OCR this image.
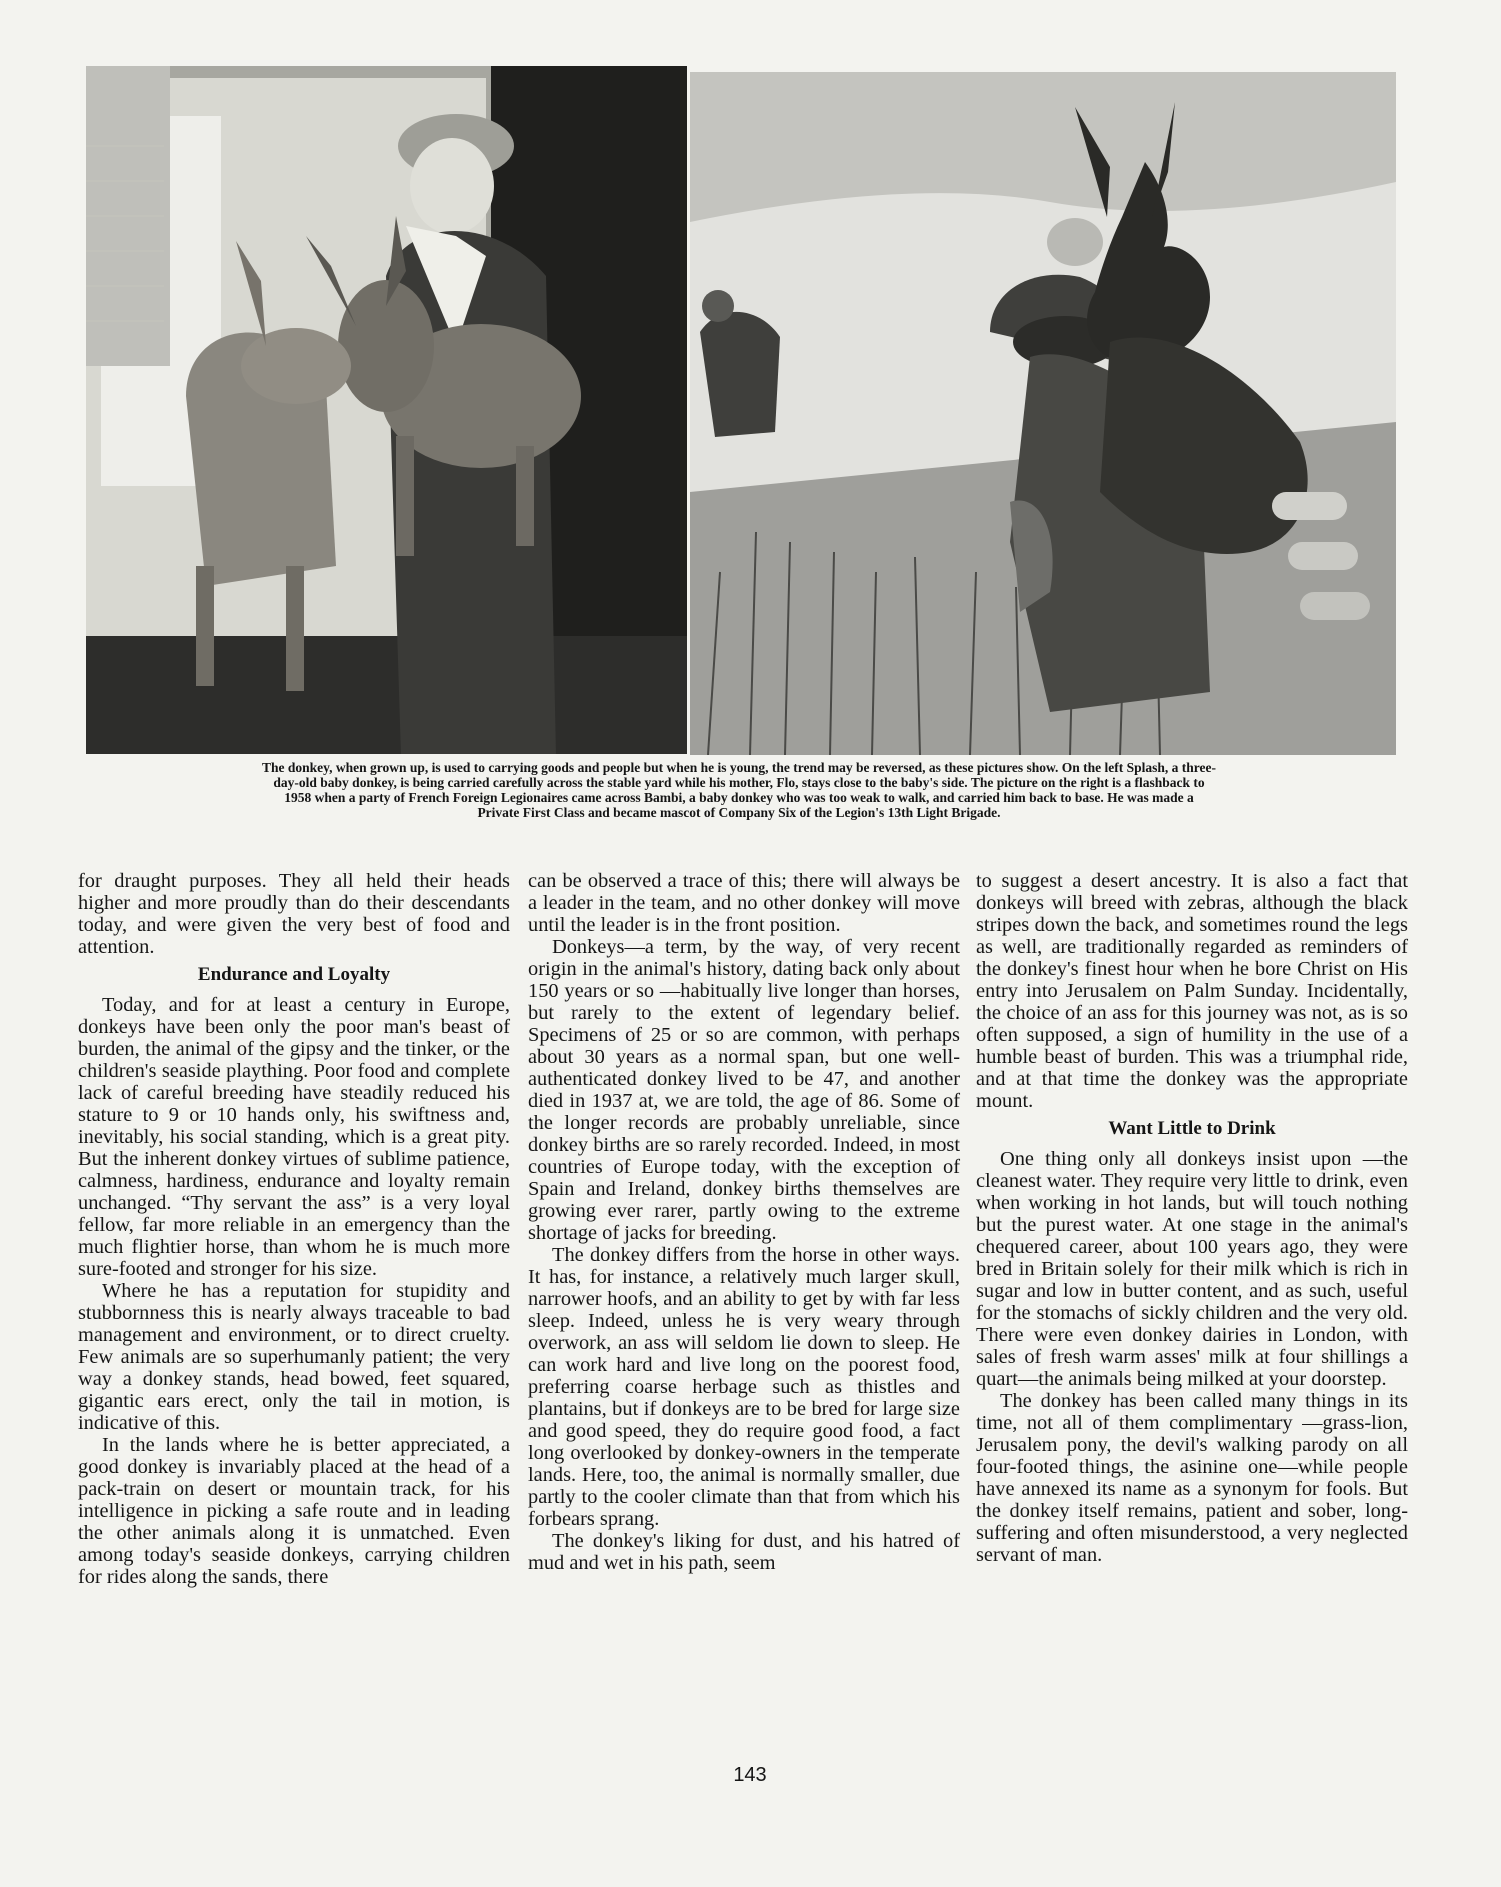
The donkey, when grown up, is used to carrying goods and people but when he is young, the trend may be reversed, as these pictures show. On the left Splash, a three-
day-old baby donkey, is being carried carefully across the stable yard while his mother, Flo, stays close to the baby's side. The picture on the right is a flashback to
1958 when a party of French Foreign Legionaires came across Bambi, a baby donkey who was too weak to walk, and carried him back to base. He was made a
Private First Class and became mascot of Company Six of the Legion's 13th Light Brigade.

for draught purposes. They all held their heads higher and more proudly than do their descendants today, and were given the very best of food and attention.

Endurance and Loyalty

Today, and for at least a century in Europe, donkeys have been only the poor man's beast of burden, the animal of the gipsy and the tinker, or the children's seaside plaything. Poor food and complete lack of careful breeding have steadily reduced his stature to 9 or 10 hands only, his swiftness and, inevitably, his social standing, which is a great pity. But the inherent donkey virtues of sublime patience, calmness, hardiness, endurance and loyalty remain unchanged. “Thy servant the ass” is a very loyal fellow, far more reliable in an emergency than the much flightier horse, than whom he is much more sure-footed and stronger for his size.

Where he has a reputation for stupidity and stubbornness this is nearly always traceable to bad management and environment, or to direct cruelty. Few animals are so superhumanly patient; the very way a donkey stands, head bowed, feet squared, gigantic ears erect, only the tail in motion, is indicative of this.

In the lands where he is better appreciated, a good donkey is invariably placed at the head of a pack-train on desert or mountain track, for his intelligence in picking a safe route and in leading the other animals along it is unmatched. Even among today's seaside donkeys, carrying children for rides along the sands, there

can be observed a trace of this; there will always be a leader in the team, and no other donkey will move until the leader is in the front position.

Donkeys—a term, by the way, of very recent origin in the animal's history, dating back only about 150 years or so —habitually live longer than horses, but rarely to the extent of legendary belief. Specimens of 25 or so are common, with perhaps about 30 years as a normal span, but one well-authenticated donkey lived to be 47, and another died in 1937 at, we are told, the age of 86. Some of the longer records are probably unreliable, since donkey births are so rarely recorded. Indeed, in most countries of Europe today, with the exception of Spain and Ireland, donkey births themselves are growing ever rarer, partly owing to the extreme shortage of jacks for breeding.

The donkey differs from the horse in other ways. It has, for instance, a relatively much larger skull, narrower hoofs, and an ability to get by with far less sleep. Indeed, unless he is very weary through overwork, an ass will seldom lie down to sleep. He can work hard and live long on the poorest food, preferring coarse herbage such as thistles and plantains, but if donkeys are to be bred for large size and good speed, they do require good food, a fact long overlooked by donkey-owners in the temperate lands. Here, too, the animal is normally smaller, due partly to the cooler climate than that from which his forbears sprang.

The donkey's liking for dust, and his hatred of mud and wet in his path, seem

to suggest a desert ancestry. It is also a fact that donkeys will breed with zebras, although the black stripes down the back, and sometimes round the legs as well, are traditionally regarded as reminders of the donkey's finest hour when he bore Christ on His entry into Jerusalem on Palm Sunday. Incidentally, the choice of an ass for this journey was not, as is so often supposed, a sign of humility in the use of a humble beast of burden. This was a triumphal ride, and at that time the donkey was the appropriate mount.

Want Little to Drink

One thing only all donkeys insist upon —the cleanest water. They require very little to drink, even when working in hot lands, but will touch nothing but the purest water. At one stage in the animal's chequered career, about 100 years ago, they were bred in Britain solely for their milk which is rich in sugar and low in butter content, and as such, useful for the stomachs of sickly children and the very old. There were even donkey dairies in London, with sales of fresh warm asses' milk at four shillings a quart—the animals being milked at your doorstep.

The donkey has been called many things in its time, not all of them complimentary —grass-lion, Jerusalem pony, the devil's walking parody on all four-footed things, the asinine one—while people have annexed its name as a synonym for fools. But the donkey itself remains, patient and sober, long-suffering and often misunderstood, a very neglected servant of man.

143
